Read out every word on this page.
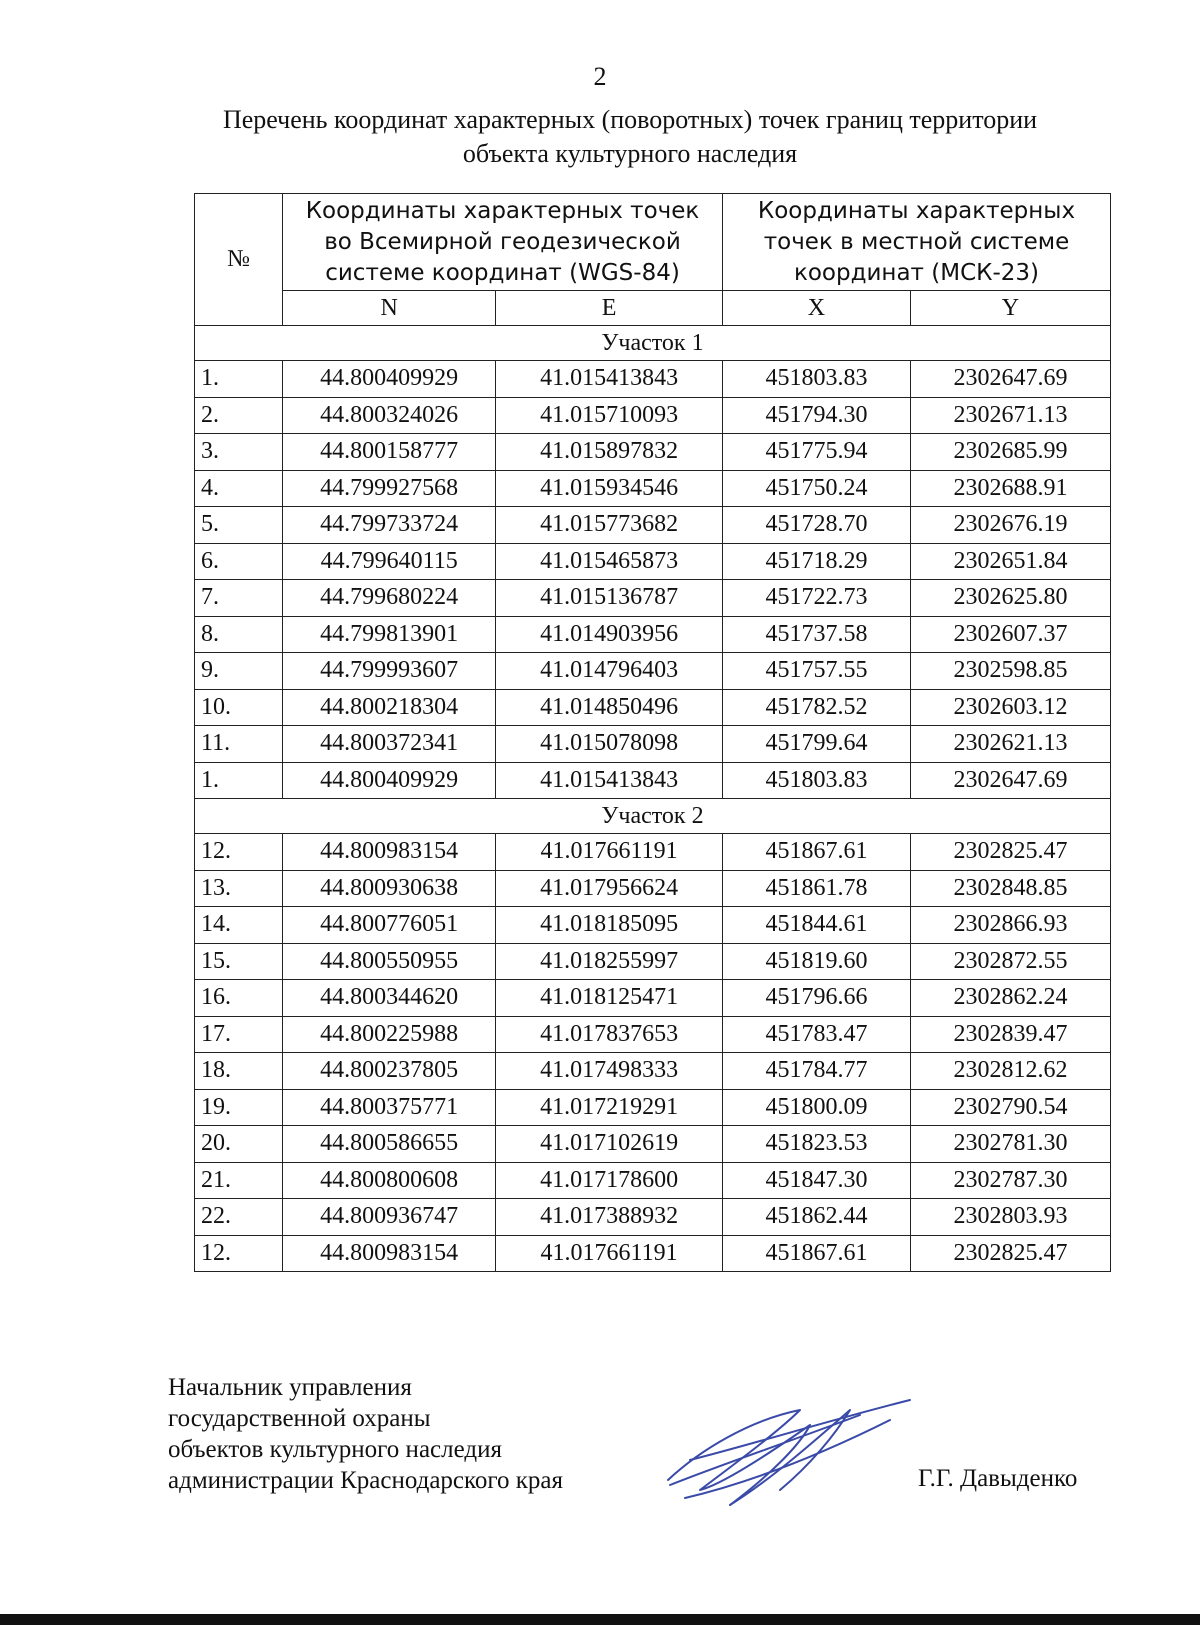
2
Перечень координат характерных (поворотных) точек границ территории
объекта культурного наследия
№	Координаты характерных точек во Всемирной геодезической системе координат (WGS-84)		Координаты характерных точек в местной системе координат (МСК-23)	
	N	E	X	Y
Участок 1				
1.	44.800409929	41.015413843	451803.83	2302647.69
2.	44.800324026	41.015710093	451794.30	2302671.13
3.	44.800158777	41.015897832	451775.94	2302685.99
4.	44.799927568	41.015934546	451750.24	2302688.91
5.	44.799733724	41.015773682	451728.70	2302676.19
6.	44.799640115	41.015465873	451718.29	2302651.84
7.	44.799680224	41.015136787	451722.73	2302625.80
8.	44.799813901	41.014903956	451737.58	2302607.37
9.	44.799993607	41.014796403	451757.55	2302598.85
10.	44.800218304	41.014850496	451782.52	2302603.12
11.	44.800372341	41.015078098	451799.64	2302621.13
1.	44.800409929	41.015413843	451803.83	2302647.69
Участок 2				
12.	44.800983154	41.017661191	451867.61	2302825.47
13.	44.800930638	41.017956624	451861.78	2302848.85
14.	44.800776051	41.018185095	451844.61	2302866.93
15.	44.800550955	41.018255997	451819.60	2302872.55
16.	44.800344620	41.018125471	451796.66	2302862.24
17.	44.800225988	41.017837653	451783.47	2302839.47
18.	44.800237805	41.017498333	451784.77	2302812.62
19.	44.800375771	41.017219291	451800.09	2302790.54
20.	44.800586655	41.017102619	451823.53	2302781.30
21.	44.800800608	41.017178600	451847.30	2302787.30
22.	44.800936747	41.017388932	451862.44	2302803.93
12.	44.800983154	41.017661191	451867.61	2302825.47
Начальник управления
государственной охраны
объектов культурного наследия
администрации Краснодарского края	Г.Г. Давыденко
